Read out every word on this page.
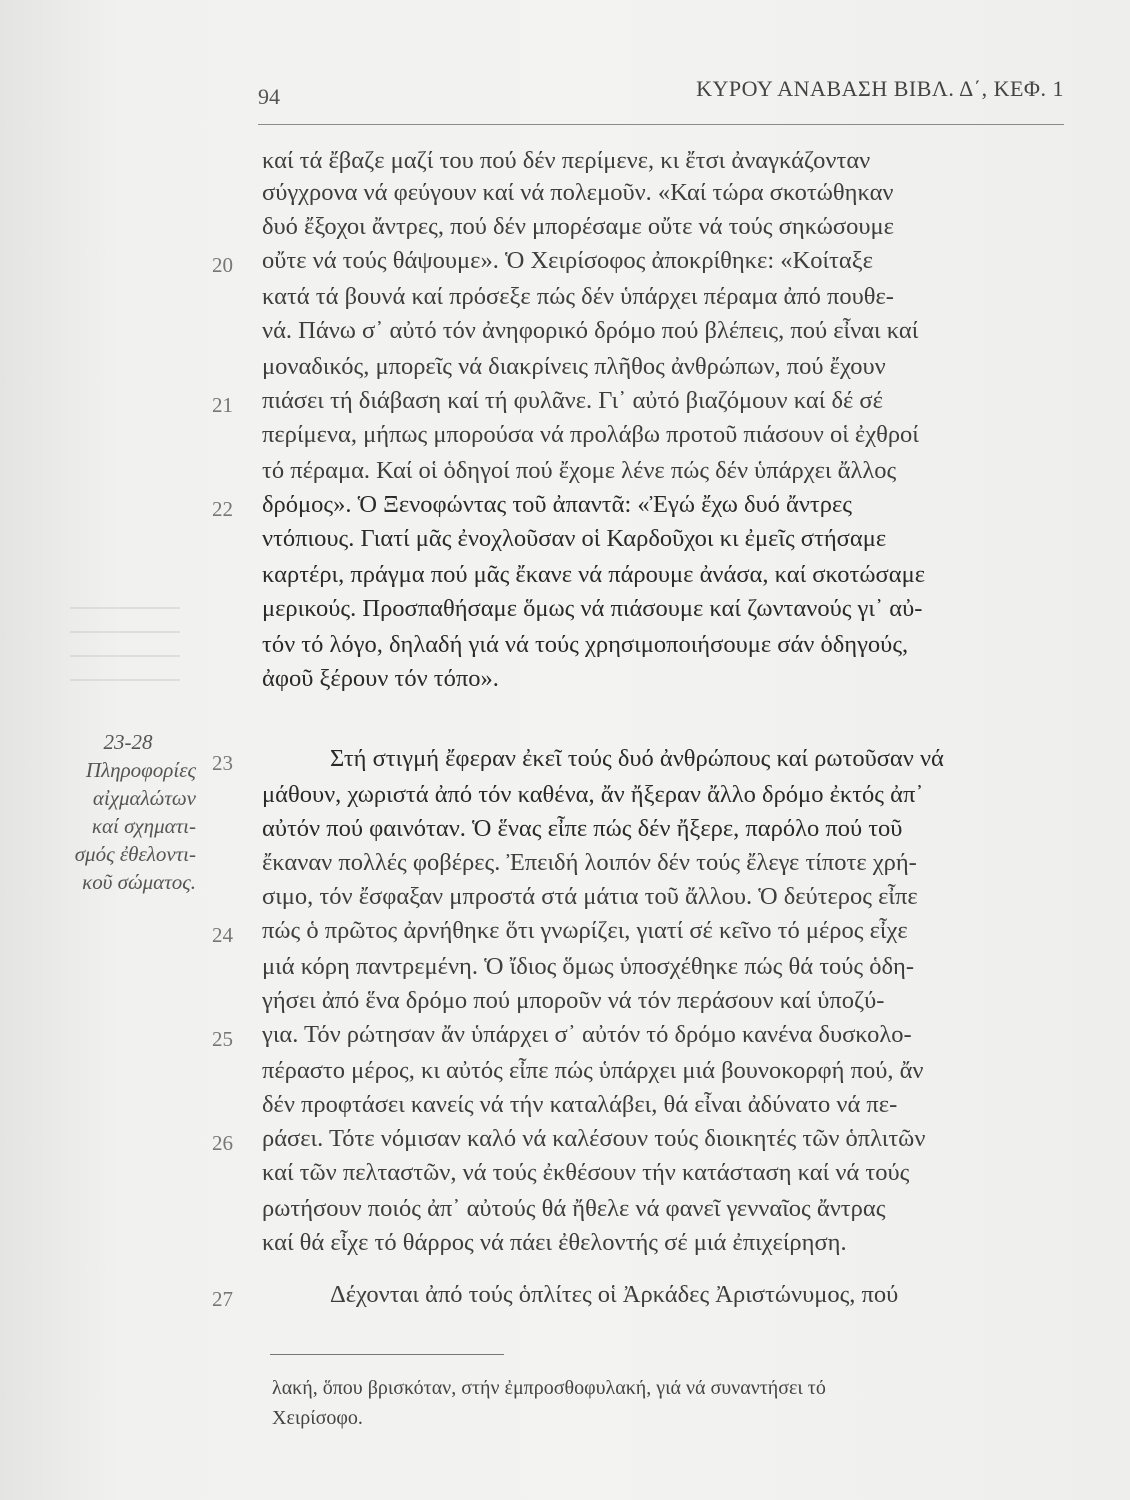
94	ΚΥΡΟΥ ΑΝΑΒΑΣΗ ΒΙΒΛ. Δ΄, ΚΕΦ. 1
23-28
Πληροφορίες
αἰχμαλώτων
καί σχηματι-
σμός ἐθελοντι-
κοῦ σώματος.
καί τά ἔβαζε μαζί του πού δέν περίμενε, κι ἔτσι ἀναγκάζονταν
σύγχρονα νά φεύγουν καί νά πολεμοῦν. «Καί τώρα σκοτώθηκαν
δυό ἔξοχοι ἄντρες, πού δέν μπορέσαμε οὔτε νά τούς σηκώσουμε
οὔτε νά τούς θάψουμε». Ὁ Χειρίσοφος ἀποκρίθηκε: «Κοίταξε
20
κατά τά βουνά καί πρόσεξε πώς δέν ὑπάρχει πέραμα ἀπό πουθε-
νά. Πάνω σ᾽ αὐτό τόν ἀνηφορικό δρόμο πού βλέπεις, πού εἶναι καί
μοναδικός, μπορεῖς νά διακρίνεις πλῆθος ἀνθρώπων, πού ἔχουν
πιάσει τή διάβαση καί τή φυλᾶνε. Γι᾽ αὐτό βιαζόμουν καί δέ σέ
21
περίμενα, μήπως μπορούσα νά προλάβω προτοῦ πιάσουν οἱ ἐχθροί
τό πέραμα. Καί οἱ ὁδηγοί πού ἔχομε λένε πώς δέν ὑπάρχει ἄλλος
δρόμος». Ὁ Ξενοφώντας τοῦ ἀπαντᾶ: «Ἐγώ ἔχω δυό ἄντρες
22
ντόπιους. Γιατί μᾶς ἐνοχλοῦσαν οἱ Καρδοῦχοι κι ἐμεῖς στήσαμε
καρτέρι, πράγμα πού μᾶς ἔκανε νά πάρουμε ἀνάσα, καί σκοτώσαμε
μερικούς. Προσπαθήσαμε ὅμως νά πιάσουμε καί ζωντανούς γι᾽ αὐ-
τόν τό λόγο, δηλαδή γιά νά τούς χρησιμοποιήσουμε σάν ὁδηγούς,
ἀφοῦ ξέρουν τόν τόπο».
Στή στιγμή ἔφεραν ἐκεῖ τούς δυό ἀνθρώπους καί ρωτοῦσαν νά
23
μάθουν, χωριστά ἀπό τόν καθένα, ἄν ἤξεραν ἄλλο δρόμο ἐκτός ἀπ᾽
αὐτόν πού φαινόταν. Ὁ ἕνας εἶπε πώς δέν ἤξερε, παρόλο πού τοῦ
ἔκαναν πολλές φοβέρες. Ἐπειδή λοιπόν δέν τούς ἔλεγε τίποτε χρή-
σιμο, τόν ἔσφαξαν μπροστά στά μάτια τοῦ ἄλλου. Ὁ δεύτερος εἶπε
πώς ὁ πρῶτος ἀρνήθηκε ὅτι γνωρίζει, γιατί σέ κεῖνο τό μέρος εἶχε
24
μιά κόρη παντρεμένη. Ὁ ἴδιος ὅμως ὑποσχέθηκε πώς θά τούς ὁδη-
γήσει ἀπό ἕνα δρόμο πού μποροῦν νά τόν περάσουν καί ὑποζύ-
για. Τόν ρώτησαν ἄν ὑπάρχει σ᾽ αὐτόν τό δρόμο κανένα δυσκολο-
25
πέραστο μέρος, κι αὐτός εἶπε πώς ὑπάρχει μιά βουνοκορφή πού, ἄν
δέν προφτάσει κανείς νά τήν καταλάβει, θά εἶναι ἀδύνατο νά πε-
ράσει. Τότε νόμισαν καλό νά καλέσουν τούς διοικητές τῶν ὁπλιτῶν
26
καί τῶν πελταστῶν, νά τούς ἐκθέσουν τήν κατάσταση καί νά τούς
ρωτήσουν ποιός ἀπ᾽ αὐτούς θά ἤθελε νά φανεῖ γενναῖος ἄντρας
καί θά εἶχε τό θάρρος νά πάει ἐθελοντής σέ μιά ἐπιχείρηση.
Δέχονται ἀπό τούς ὁπλίτες οἱ Ἀρκάδες Ἀριστώνυμος, πού
27
λακή, ὅπου βρισκόταν, στήν ἐμπροσθοφυλακή, γιά νά συναντήσει τό
Χειρίσοφο.
